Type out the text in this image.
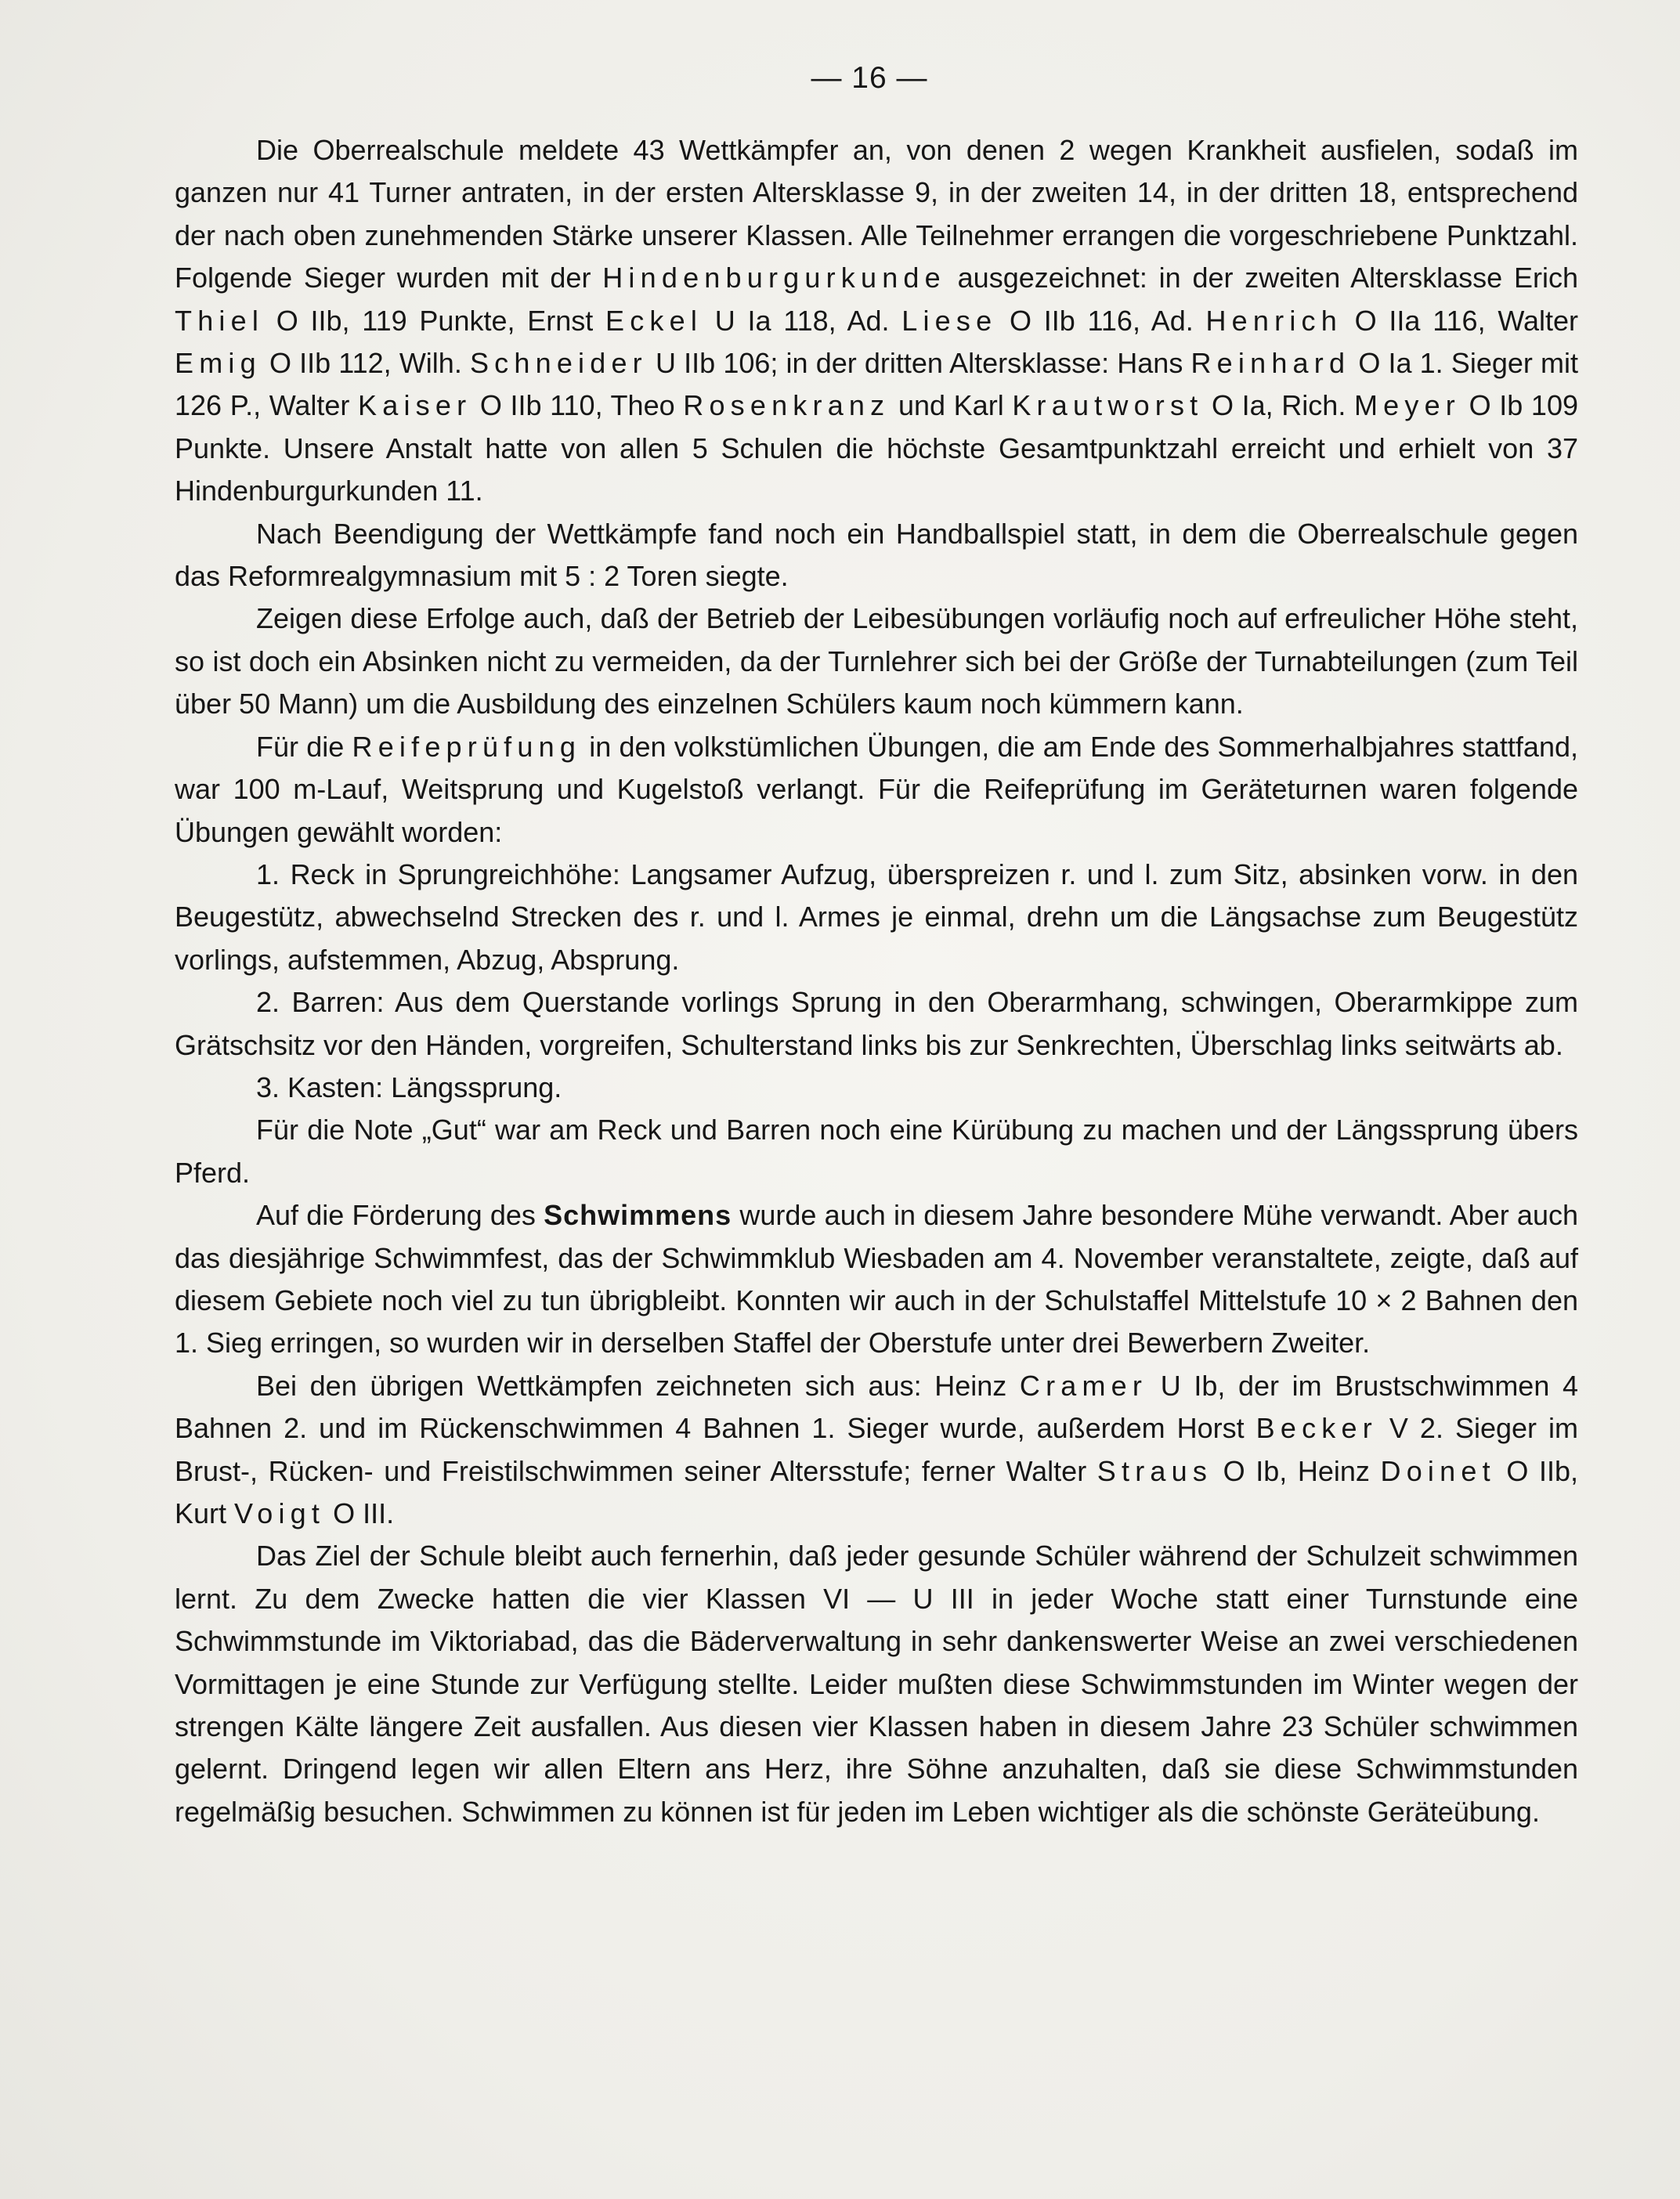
— 16 —

Die Oberrealschule meldete 43 Wettkämpfer an, von denen 2 wegen Krankheit ausfielen, sodaß im ganzen nur 41 Turner antraten, in der ersten Altersklasse 9, in der zweiten 14, in der dritten 18, entsprechend der nach oben zunehmenden Stärke unserer Klassen. Alle Teilnehmer errangen die vorgeschriebene Punktzahl. Folgende Sieger wurden mit der Hindenburgurkunde ausgezeichnet: in der zweiten Altersklasse Erich Thiel O IIb, 119 Punkte, Ernst Eckel U Ia 118, Ad. Liese O IIb 116, Ad. Henrich O IIa 116, Walter Emig O IIb 112, Wilh. Schneider U IIb 106; in der dritten Altersklasse: Hans Reinhard O Ia 1. Sieger mit 126 P., Walter Kaiser O IIb 110, Theo Rosenkranz und Karl Krautworst O Ia, Rich. Meyer O Ib 109 Punkte. Unsere Anstalt hatte von allen 5 Schulen die höchste Gesamtpunktzahl erreicht und erhielt von 37 Hindenburgurkunden 11.

Nach Beendigung der Wettkämpfe fand noch ein Handballspiel statt, in dem die Oberrealschule gegen das Reformrealgymnasium mit 5 : 2 Toren siegte.

Zeigen diese Erfolge auch, daß der Betrieb der Leibesübungen vorläufig noch auf erfreulicher Höhe steht, so ist doch ein Absinken nicht zu vermeiden, da der Turnlehrer sich bei der Größe der Turnabteilungen (zum Teil über 50 Mann) um die Ausbildung des einzelnen Schülers kaum noch kümmern kann.

Für die Reifeprüfung in den volkstümlichen Übungen, die am Ende des Sommerhalbjahres stattfand, war 100 m-Lauf, Weitsprung und Kugelstoß verlangt. Für die Reifeprüfung im Geräteturnen waren folgende Übungen gewählt worden:

1. Reck in Sprungreichhöhe: Langsamer Aufzug, überspreizen r. und l. zum Sitz, absinken vorw. in den Beugestütz, abwechselnd Strecken des r. und l. Armes je einmal, drehn um die Längsachse zum Beugestütz vorlings, aufstemmen, Abzug, Absprung.

2. Barren: Aus dem Querstande vorlings Sprung in den Oberarmhang, schwingen, Oberarmkippe zum Grätschsitz vor den Händen, vorgreifen, Schulterstand links bis zur Senkrechten, Überschlag links seitwärts ab.

3. Kasten: Längssprung.

Für die Note „Gut“ war am Reck und Barren noch eine Kürübung zu machen und der Längssprung übers Pferd.

Auf die Förderung des Schwimmens wurde auch in diesem Jahre besondere Mühe verwandt. Aber auch das diesjährige Schwimmfest, das der Schwimmklub Wiesbaden am 4. November veranstaltete, zeigte, daß auf diesem Gebiete noch viel zu tun übrigbleibt. Konnten wir auch in der Schulstaffel Mittelstufe 10 × 2 Bahnen den 1. Sieg erringen, so wurden wir in derselben Staffel der Oberstufe unter drei Bewerbern Zweiter.

Bei den übrigen Wettkämpfen zeichneten sich aus: Heinz Cramer U Ib, der im Brustschwimmen 4 Bahnen 2. und im Rückenschwimmen 4 Bahnen 1. Sieger wurde, außerdem Horst Becker V 2. Sieger im Brust-, Rücken- und Freistilschwimmen seiner Altersstufe; ferner Walter Straus O Ib, Heinz Doinet O IIb, Kurt Voigt O III.

Das Ziel der Schule bleibt auch fernerhin, daß jeder gesunde Schüler während der Schulzeit schwimmen lernt. Zu dem Zwecke hatten die vier Klassen VI — U III in jeder Woche statt einer Turnstunde eine Schwimmstunde im Viktoriabad, das die Bäderverwaltung in sehr dankenswerter Weise an zwei verschiedenen Vormittagen je eine Stunde zur Verfügung stellte. Leider mußten diese Schwimmstunden im Winter wegen der strengen Kälte längere Zeit ausfallen. Aus diesen vier Klassen haben in diesem Jahre 23 Schüler schwimmen gelernt. Dringend legen wir allen Eltern ans Herz, ihre Söhne anzuhalten, daß sie diese Schwimmstunden regelmäßig besuchen. Schwimmen zu können ist für jeden im Leben wichtiger als die schönste Geräteübung.
